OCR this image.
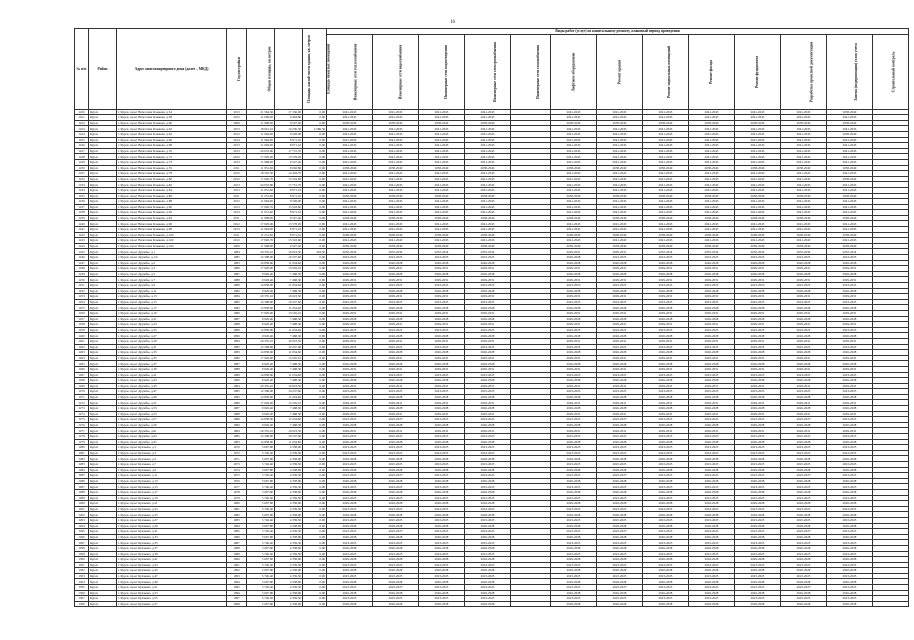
16
№ п/п	Район	Адрес многоквартирного дома (далее – МКД)	Год постройки	Общая площадь, кв.метров	Площадь жилой части здания, кв. метров	Площадь нежилых помещений	Виды работ (услуг) по капитальному ремонту, плановый период проведения												
							Инженерные сети теплоснабжения	Инженерные сети водоснабжения	Инженерные сети водоотведения	Инженерные сети электроснабжения	Инженерные сети газоснабжения	Лифтовое оборудование	Ремонт крыши	Ремонт подвальных помещений	Ремонт фасада	Ремонт фундамента	Разработка проектной документации	Замена (модернизация) узлов учета	Строительный контроль
1220	Курск	г. Курск, пр-кт Вячеслава Клыкова, д.54	2013	21 564,30	17 136,00	0,00	2041-2043	2041-2043	2041-2043	2041-2043		2041-2043	2041-2043	2041-2043	2041-2043	2041-2043	2041-2043	2038-2040	
1221	Курск	г. Курск, пр-кт Вячеслава Клыкова, д.58	2012	11 999,00	9 464,80	0,00	2041-2043	2041-2043	2041-2043	2041-2043		2041-2043	2041-2043	2041-2043	2041-2043	2041-2043	2041-2043	2041-2043	
1222	Курск	г. Курск, пр-кт Вячеслава Клыкова, д.60	2009	11 998,00	9 527,40	0,00	2038-2040	2038-2040	2038-2040	2038-2040		2038-2040	2038-2040	2038-2040	2038-2040	2038-2040	2038-2040	2038-2040	
1223	Курск	г. Курск, пр-кт Вячеслава Клыкова, д.62	2013	18 661,10	10 230,30	2 286,50	2041-2043	2041-2043	2041-2043	2041-2043		2041-2043	2041-2043	2041-2043	2041-2043	2041-2043	2041-2043	2041-2043	
1224	Курск	г. Курск, пр-кт Вячеслава Клыкова, д.64	2012	11 994,00	9 528,00	0,00	2041-2043	2041-2043	2041-2043	2041-2043		2041-2043	2041-2043	2041-2043	2041-2043	2041-2043	2041-2043	2038-2040	
1225	Курск	г. Курск, пр-кт Вячеслава Клыкова, д.66	2014	11 994,00	8 971,10	0,00	2041-2043	2041-2043	2041-2043	2041-2043		2041-2043	2041-2043	2041-2043	2041-2043	2041-2043	2041-2043	2041-2043	
1226	Курск	г. Курск, пр-кт Вячеслава Клыкова, д.68	2013	11 994,00	8 971,10	0,00	2041-2043	2041-2043	2041-2043	2041-2043		2041-2043	2041-2043	2041-2043	2041-2043	2041-2043	2041-2043	2041-2043	
1227	Курск	г. Курск, пр-кт Вячеслава Клыкова, д.70	2013	24 033,80	17 751,70	0,00	2041-2043	2041-2043	2041-2043	2041-2043		2041-2043	2041-2043	2041-2043	2041-2043	2041-2043	2041-2043	2041-2043	
1228	Курск	г. Курск, пр-кт Вячеслава Клыкова, д.72	2012	17 929,00	13 578,20	0,00	2041-2043	2041-2043	2041-2043	2041-2043		2041-2043	2041-2043	2041-2043	2041-2043	2041-2043	2041-2043	2041-2043	
1229	Курск	г. Курск, пр-кт Вячеслава Клыкова, д.74	2013	11 998,00	9 527,40	0,00	2041-2043	2041-2043	2041-2043	2041-2043		2041-2043	2041-2043	2041-2043	2041-2043	2041-2043	2041-2043	2041-2043	
1230	Курск	г. Курск, пр-кт Вячеслава Клыкова, д.76	2011	11 951,60	9 092,80	0,00	2038-2040	2038-2040	2038-2040	2038-2040		2038-2040	2038-2040	2038-2040	2038-2040	2038-2040	2038-2040	2038-2040	
1231	Курск	г. Курск, пр-кт Вячеслава Клыкова, д.78	2012	18 502,30	14 404,70	0,00	2041-2043	2041-2043	2041-2043	2041-2043		2041-2043	2041-2043	2041-2043	2041-2043	2041-2043	2041-2043	2041-2043	
1232	Курск	г. Курск, пр-кт Вячеслава Клыкова, д.80	2012	17 926,70	13 543,60	0,00	2041-2043	2041-2043	2041-2043	2041-2043		2041-2043	2041-2043	2041-2043	2041-2043	2041-2043	2041-2043	2038-2040	
1233	Курск	г. Курск, пр-кт Вячеслава Клыкова, д.82	2013	24 033,80	17 751,70	0,00	2041-2043	2041-2043	2041-2043	2041-2043		2041-2043	2041-2043	2041-2043	2041-2043	2041-2043	2041-2043	2041-2043	
1234	Курск	г. Курск, пр-кт Вячеслава Клыкова, д.84	2013	11 951,60	8 971,10	0,00	2041-2043	2041-2043	2041-2043	2041-2043		2041-2043	2041-2043	2041-2043	2041-2043	2041-2043	2041-2043	2041-2043	
1235	Курск	г. Курск, пр-кт Вячеслава Клыкова, д.86	2011	11 251,00	8 971,10	0,00	2038-2040	2038-2040	2038-2040	2038-2040		2038-2040	2038-2040	2038-2040	2038-2040	2038-2040	2038-2040	2038-2040	
1236	Курск	г. Курск, пр-кт Вячеслава Клыкова, д.88	2012	11 994,00	9 528,00	0,00	2041-2043	2041-2043	2041-2043	2041-2043		2041-2043	2041-2043	2041-2043	2041-2043	2041-2043	2041-2043	2041-2043	
1237	Курск	г. Курск, пр-кт Вячеслава Клыкова, д.90	2013	17 926,70	13 543,60	0,00	2041-2043	2041-2043	2041-2043	2041-2043		2041-2043	2041-2043	2041-2043	2041-2043	2041-2043	2041-2043	2041-2043	
1238	Курск	г. Курск, пр-кт Вячеслава Клыкова, д.92	2013	11 951,60	8 971,10	0,00	2041-2043	2041-2043	2041-2043	2041-2043		2041-2043	2041-2043	2041-2043	2041-2043	2041-2043	2041-2043	2041-2043	
1239	Курск	г. Курск, пр-кт Вячеслава Клыкова, д.94	2011	11 998,00	9 527,40	0,00	2038-2040	2038-2040	2038-2040	2038-2040		2038-2040	2038-2040	2038-2040	2038-2040	2038-2040	2038-2040	2038-2040	
1240	Курск	г. Курск, пр-кт Вячеслава Клыкова, д.96	2012	17 929,00	13 578,20	0,00	2041-2043	2041-2043	2041-2043	2041-2043		2041-2043	2041-2043	2041-2043	2041-2043	2041-2043	2041-2043	2041-2043	
1241	Курск	г. Курск, пр-кт Вячеслава Клыкова, д.98	2013	11 994,00	8 971,10	0,00	2041-2043	2041-2043	2041-2043	2041-2043		2041-2043	2041-2043	2041-2043	2041-2043	2041-2043	2041-2043	2041-2043	
1242	Курск	г. Курск, пр-кт Вячеслава Клыкова, д.100	2011	11 251,00	8 971,10	0,00	2038-2040	2038-2040	2038-2040	2038-2040		2038-2040	2038-2040	2038-2040	2038-2040	2038-2040	2038-2040	2038-2040	
1243	Курск	г. Курск, пр-кт Вячеслава Клыкова, д.102	2012	17 926,70	13 543,60	0,00	2041-2043	2041-2043	2041-2043	2041-2043		2041-2043	2041-2043	2041-2043	2041-2043	2041-2043	2041-2043	2041-2043	
1244	Курск	г. Курск, пр-кт Вячеслава Клыкова, д.104	2009	11 998,00	9 527,40	0,00	2038-2040	2038-2040	2038-2040	2038-2040		2038-2040	2038-2040	2038-2040	2038-2040	2038-2040	2038-2040	2038-2040	
1245	Курск	г. Курск, пр-кт Дружбы, д.1	1984	20 355,10	16 023,50	363,50	2032-2034	2032-2034	2032-2034	2032-2034		2029-2031	2029-2031	2032-2034	2032-2034	2032-2034	2032-2034	2032-2034	
1246	Курск	г. Курск, пр-кт Дружбы, д.1/4	1985	12 308,90	10 237,60	0,00	2023-2025	2023-2025	2023-2025	2023-2025		2026-2028	2023-2025	2023-2025	2023-2025	2023-2025	2023-2025	2023-2025	
1247	Курск	г. Курск, пр-кт Дружбы, д.2	1983	14 858,90	11 654,60	0,00	2026-2028	2026-2028	2026-2028	2026-2028		2026-2028	2026-2028	2026-2028	2026-2028	2026-2028	2026-2028	2026-2028	
1248	Курск	г. Курск, пр-кт Дружбы, д.3	1986	17 929,00	13 545,10	0,00	2029-2031	2029-2031	2029-2031	2029-2031		2029-2031	2029-2031	2029-2031	2029-2031	2029-2031	2029-2031	2029-2031	
1249	Курск	г. Курск, пр-кт Дружбы, д.5	1987	9 929,40	7 468,30	0,00	2026-2028	2026-2028	2026-2028	2026-2028		2026-2028	2026-2028	2026-2028	2026-2028	2026-2028	2026-2028	2026-2028	
1250	Курск	г. Курск, пр-кт Дружбы, д.7	1988	9 929,40	7 468,30	0,00	2029-2031	2029-2031	2029-2031	2029-2031		2029-2031	2029-2031	2029-2031	2029-2031	2029-2031	2029-2031	2029-2031	
1251	Курск	г. Курск, пр-кт Дружбы, д.9	1989	14 858,90	11 654,60	0,00	2023-2025	2023-2025	2023-2025	2023-2025		2023-2025	2023-2025	2023-2025	2023-2025	2023-2025	2023-2025	2023-2025	
1252	Курск	г. Курск, пр-кт Дружбы, д.11	1990	9 929,40	7 468,30	0,00	2026-2028	2026-2028	2026-2028	2026-2028		2026-2028	2026-2028	2026-2028	2026-2028	2026-2028	2026-2028	2026-2028	
1253	Курск	г. Курск, пр-кт Дружбы, д.13	1984	20 355,10	16 023,50	0,00	2029-2031	2029-2031	2029-2031	2029-2031		2029-2031	2029-2031	2029-2031	2029-2031	2029-2031	2029-2031	2029-2031	
1254	Курск	г. Курск, пр-кт Дружбы, д.15	1985	12 308,90	10 237,60	0,00	2023-2025	2023-2025	2023-2025	2023-2025		2023-2025	2023-2025	2023-2025	2023-2025	2023-2025	2023-2025	2023-2025	
1255	Курск	г. Курск, пр-кт Дружбы, д.17	1983	14 858,90	11 654,60	0,00	2026-2028	2026-2028	2026-2028	2026-2028		2026-2028	2026-2028	2026-2028	2026-2028	2026-2028	2026-2028	2026-2028	
1256	Курск	г. Курск, пр-кт Дружбы, д.19	1986	17 929,00	13 545,10	0,00	2029-2031	2029-2031	2029-2031	2029-2031		2029-2031	2029-2031	2029-2031	2029-2031	2029-2031	2029-2031	2029-2031	
1257	Курск	г. Курск, пр-кт Дружбы, д.21	1987	9 929,40	7 468,30	0,00	2026-2028	2026-2028	2026-2028	2026-2028		2026-2028	2026-2028	2026-2028	2026-2028	2026-2028	2026-2028	2026-2028	
1258	Курск	г. Курск, пр-кт Дружбы, д.23	1988	9 929,40	7 468,30	0,00	2029-2031	2029-2031	2029-2031	2029-2031		2029-2031	2029-2031	2029-2031	2029-2031	2029-2031	2029-2031	2029-2031	
1259	Курск	г. Курск, пр-кт Дружбы, д.25	1989	14 858,90	11 654,60	0,00	2023-2025	2023-2025	2023-2025	2023-2025		2023-2025	2023-2025	2023-2025	2023-2025	2023-2025	2023-2025	2023-2025	
1260	Курск	г. Курск, пр-кт Дружбы, д.27	1990	9 929,40	7 468,30	0,00	2026-2028	2026-2028	2026-2028	2026-2028		2026-2028	2026-2028	2026-2028	2026-2028	2026-2028	2026-2028	2026-2028	
1261	Курск	г. Курск, пр-кт Дружбы, д.29	1984	20 355,10	16 023,50	0,00	2029-2031	2029-2031	2029-2031	2029-2031		2029-2031	2029-2031	2029-2031	2029-2031	2029-2031	2029-2031	2029-2031	
1262	Курск	г. Курск, пр-кт Дружбы, д.31	1985	12 308,90	10 237,60	0,00	2023-2025	2023-2025	2023-2025	2023-2025		2023-2025	2023-2025	2023-2025	2023-2025	2023-2025	2023-2025	2023-2025	
1263	Курск	г. Курск, пр-кт Дружбы, д.33	1983	14 858,90	11 654,60	0,00	2026-2028	2026-2028	2026-2028	2026-2028		2026-2028	2026-2028	2026-2028	2026-2028	2026-2028	2026-2028	2026-2028	
1264	Курск	г. Курск, пр-кт Дружбы, д.35	1986	17 929,00	13 545,10	0,00	2029-2031	2029-2031	2029-2031	2029-2031		2029-2031	2029-2031	2029-2031	2029-2031	2029-2031	2029-2031	2029-2031	
1265	Курск	г. Курск, пр-кт Дружбы, д.37	1987	9 929,40	7 468,30	0,00	2026-2028	2026-2028	2026-2028	2026-2028		2026-2028	2026-2028	2026-2028	2026-2028	2026-2028	2026-2028	2026-2028	
1266	Курск	г. Курск, пр-кт Дружбы, д.39	1988	9 929,40	7 468,30	0,00	2029-2031	2029-2031	2029-2031	2029-2031		2029-2031	2029-2031	2029-2031	2029-2031	2029-2031	2029-2031	2029-2031	
1267	Курск	г. Курск, пр-кт Дружбы, д.41	1989	14 858,90	11 654,60	0,00	2023-2025	2023-2025	2023-2025	2023-2025		2023-2025	2023-2025	2023-2025	2023-2025	2023-2025	2023-2025	2023-2025	
1268	Курск	г. Курск, пр-кт Дружбы, д.43	1990	9 929,40	7 468,30	0,00	2026-2028	2026-2028	2026-2028	2026-2028		2026-2028	2026-2028	2026-2028	2026-2028	2026-2028	2026-2028	2026-2028	
1269	Курск	г. Курск, пр-кт Дружбы, д.45	1984	20 355,10	16 023,50	0,00	2029-2031	2029-2031	2029-2031	2029-2031		2029-2031	2029-2031	2029-2031	2029-2031	2029-2031	2029-2031	2029-2031	
1270	Курск	г. Курск, пр-кт Дружбы, д.47	1985	12 308,90	10 237,60	0,00	2023-2025	2023-2025	2023-2025	2023-2025		2023-2025	2023-2025	2023-2025	2023-2025	2023-2025	2023-2025	2023-2025	
1271	Курск	г. Курск, пр-кт Дружбы, д.49	1983	14 858,90	11 654,60	0,00	2026-2028	2026-2028	2026-2028	2026-2028		2026-2028	2026-2028	2026-2028	2026-2028	2026-2028	2026-2028	2026-2028	
1272	Курск	г. Курск, пр-кт Дружбы, д.51	1986	17 929,00	13 545,10	0,00	2029-2031	2029-2031	2029-2031	2029-2031		2029-2031	2029-2031	2029-2031	2029-2031	2029-2031	2029-2031	2029-2031	
1273	Курск	г. Курск, пр-кт Дружбы, д.53	1987	9 929,40	7 468,30	0,00	2026-2028	2026-2028	2026-2028	2026-2028		2026-2028	2026-2028	2026-2028	2026-2028	2026-2028	2026-2028	2026-2028	
1274	Курск	г. Курск, пр-кт Дружбы, д.55	1988	9 929,40	7 468,30	0,00	2029-2031	2029-2031	2029-2031	2029-2031		2029-2031	2029-2031	2029-2031	2029-2031	2029-2031	2029-2031	2029-2031	
1275	Курск	г. Курск, пр-кт Дружбы, д.57	1989	14 858,90	11 654,60	0,00	2023-2025	2023-2025	2023-2025	2023-2025		2023-2025	2023-2025	2023-2025	2023-2025	2023-2025	2023-2025	2023-2025	
1276	Курск	г. Курск, пр-кт Дружбы, д.59	1990	9 929,40	7 468,30	0,00	2026-2028	2026-2028	2026-2028	2026-2028		2026-2028	2026-2028	2026-2028	2026-2028	2026-2028	2026-2028	2026-2028	
1277	Курск	г. Курск, пр-кт Дружбы, д.61	1984	20 355,10	16 023,50	0,00	2029-2031	2029-2031	2029-2031	2029-2031		2029-2031	2029-2031	2029-2031	2029-2031	2029-2031	2029-2031	2029-2031	
1278	Курск	г. Курск, пр-кт Дружбы, д.63	1985	12 308,90	10 237,60	0,00	2023-2025	2023-2025	2023-2025	2023-2025		2023-2025	2023-2025	2023-2025	2023-2025	2023-2025	2023-2025	2023-2025	
1279	Курск	г. Курск, пр-кт Дружбы, д.65	1983	14 858,90	11 654,60	0,00	2026-2028	2026-2028	2026-2028	2026-2028		2026-2028	2026-2028	2026-2028	2026-2028	2026-2028	2026-2028	2026-2028	
1280	Курск	г. Курск, пр-кт Кулакова, д.1	1970	5 697,80	4 358,90	0,00	2023-2025	2023-2025	2023-2025	2023-2025		2023-2025	2023-2025	2023-2025	2023-2025	2023-2025	2023-2025	2023-2025	
1281	Курск	г. Курск, пр-кт Кулакова, д.3	1972	5 740,40	4 359,50	0,00	2023-2025	2023-2025	2023-2025	2023-2025		2023-2025	2023-2025	2023-2025	2023-2025	2023-2025	2023-2025	2023-2025	
1282	Курск	г. Курск, пр-кт Кулакова, д.5	1971	5 697,80	4 358,90	0,00	2026-2028	2026-2028	2026-2028	2026-2028		2026-2028	2026-2028	2026-2028	2026-2028	2026-2028	2026-2028	2026-2028	
1283	Курск	г. Курск, пр-кт Кулакова, д.7	1973	5 740,40	4 359,50	0,00	2023-2025	2023-2025	2023-2025	2023-2025		2023-2025	2023-2025	2023-2025	2023-2025	2023-2025	2023-2025	2023-2025	
1284	Курск	г. Курск, пр-кт Кулакова, д.9	1974	5 697,80	4 358,90	0,00	2026-2028	2026-2028	2026-2028	2026-2028		2026-2028	2026-2028	2026-2028	2026-2028	2026-2028	2026-2028	2026-2028	
1285	Курск	г. Курск, пр-кт Кулакова, д.11	1975	5 740,40	4 359,50	0,00	2023-2025	2023-2025	2023-2025	2023-2025		2023-2025	2023-2025	2023-2025	2023-2025	2023-2025	2023-2025	2023-2025	
1286	Курск	г. Курск, пр-кт Кулакова, д.13	1976	5 697,80	4 358,90	0,00	2026-2028	2026-2028	2026-2028	2026-2028		2026-2028	2026-2028	2026-2028	2026-2028	2026-2028	2026-2028	2026-2028	
1287	Курск	г. Курск, пр-кт Кулакова, д.15	1977	5 740,40	4 359,50	0,00	2023-2025	2023-2025	2023-2025	2023-2025		2023-2025	2023-2025	2023-2025	2023-2025	2023-2025	2023-2025	2023-2025	
1288	Курск	г. Курск, пр-кт Кулакова, д.17	1978	5 697,80	4 358,90	0,00	2026-2028	2026-2028	2026-2028	2026-2028		2026-2028	2026-2028	2026-2028	2026-2028	2026-2028	2026-2028	2026-2028	
1289	Курск	г. Курск, пр-кт Кулакова, д.19	1979	5 740,40	4 359,50	0,00	2023-2025	2023-2025	2023-2025	2023-2025		2023-2025	2023-2025	2023-2025	2023-2025	2023-2025	2023-2025	2023-2025	
1290	Курск	г. Курск, пр-кт Кулакова, д.21	1980	5 697,80	4 358,90	0,00	2026-2028	2026-2028	2026-2028	2026-2028		2026-2028	2026-2028	2026-2028	2026-2028	2026-2028	2026-2028	2026-2028	
1291	Курск	г. Курск, пр-кт Кулакова, д.23	1981	5 740,40	4 359,50	0,00	2023-2025	2023-2025	2023-2025	2023-2025		2023-2025	2023-2025	2023-2025	2023-2025	2023-2025	2023-2025	2023-2025	
1292	Курск	г. Курск, пр-кт Кулакова, д.25	1982	5 697,80	4 358,90	0,00	2026-2028	2026-2028	2026-2028	2026-2028		2026-2028	2026-2028	2026-2028	2026-2028	2026-2028	2026-2028	2026-2028	
1293	Курск	г. Курск, пр-кт Кулакова, д.27	1983	5 740,40	4 359,50	0,00	2023-2025	2023-2025	2023-2025	2023-2025		2023-2025	2023-2025	2023-2025	2023-2025	2023-2025	2023-2025	2023-2025	
1294	Курск	г. Курск, пр-кт Кулакова, д.29	1984	5 697,80	4 358,90	0,00	2026-2028	2026-2028	2026-2028	2026-2028		2026-2028	2026-2028	2026-2028	2026-2028	2026-2028	2026-2028	2026-2028	
1295	Курск	г. Курск, пр-кт Кулакова, д.31	1985	5 740,40	4 359,50	0,00	2023-2025	2023-2025	2023-2025	2023-2025		2023-2025	2023-2025	2023-2025	2023-2025	2023-2025	2023-2025	2023-2025	
1296	Курск	г. Курск, пр-кт Кулакова, д.33	1986	5 697,80	4 358,90	0,00	2026-2028	2026-2028	2026-2028	2026-2028		2026-2028	2026-2028	2026-2028	2026-2028	2026-2028	2026-2028	2026-2028	
1297	Курск	г. Курск, пр-кт Кулакова, д.35	1987	5 740,40	4 359,50	0,00	2023-2025	2023-2025	2023-2025	2023-2025		2023-2025	2023-2025	2023-2025	2023-2025	2023-2025	2023-2025	2023-2025	
1298	Курск	г. Курск, пр-кт Кулакова, д.37	1988	5 697,80	4 358,90	0,00	2026-2028	2026-2028	2026-2028	2026-2028		2026-2028	2026-2028	2026-2028	2026-2028	2026-2028	2026-2028	2026-2028	
1299	Курск	г. Курск, пр-кт Кулакова, д.39	1989	5 740,40	4 359,50	0,00	2023-2025	2023-2025	2023-2025	2023-2025		2023-2025	2023-2025	2023-2025	2023-2025	2023-2025	2023-2025	2023-2025	
1300	Курск	г. Курск, пр-кт Кулакова, д.41	1990	5 697,80	4 358,90	0,00	2026-2028	2026-2028	2026-2028	2026-2028		2026-2028	2026-2028	2026-2028	2026-2028	2026-2028	2026-2028	2026-2028	
1301	Курск	г. Курск, пр-кт Кулакова, д.43	1991	5 740,40	4 359,50	0,00	2023-2025	2023-2025	2023-2025	2023-2025		2023-2025	2023-2025	2023-2025	2023-2025	2023-2025	2023-2025	2023-2025	
1302	Курск	г. Курск, пр-кт Кулакова, д.45	1992	5 697,80	4 358,90	0,00	2026-2028	2026-2028	2026-2028	2026-2028		2026-2028	2026-2028	2026-2028	2026-2028	2026-2028	2026-2028	2026-2028	
1303	Курск	г. Курск, пр-кт Кулакова, д.47	1993	5 740,40	4 359,50	0,00	2023-2025	2023-2025	2023-2025	2023-2025		2023-2025	2023-2025	2023-2025	2023-2025	2023-2025	2023-2025	2023-2025	
1304	Курск	г. Курск, пр-кт Кулакова, д.49	1994	5 697,80	4 358,90	0,00	2026-2028	2026-2028	2026-2028	2026-2028		2026-2028	2026-2028	2026-2028	2026-2028	2026-2028	2026-2028	2026-2028	
1305	Курск	г. Курск, пр-кт Кулакова, д.51	1995	5 740,40	4 359,50	0,00	2023-2025	2023-2025	2023-2025	2023-2025		2023-2025	2023-2025	2023-2025	2023-2025	2023-2025	2023-2025	2023-2025	
1306	Курск	г. Курск, пр-кт Кулакова, д.53	1996	5 697,80	4 358,90	0,00	2026-2028	2026-2028	2026-2028	2026-2028		2026-2028	2026-2028	2026-2028	2026-2028	2026-2028	2026-2028	2026-2028	
1307	Курск	г. Курск, пр-кт Кулакова, д.55	1997	5 740,40	4 359,50	0,00	2023-2025	2023-2025	2023-2025	2023-2025		2023-2025	2023-2025	2023-2025	2023-2025	2023-2025	2023-2025	2023-2025	
1308	Курск	г. Курск, пр-кт Кулакова, д.57	1998	5 697,80	4 358,90	0,00	2026-2028	2026-2028	2026-2028	2026-2028		2026-2028	2026-2028	2026-2028	2026-2028	2026-2028	2026-2028	2026-2028	
